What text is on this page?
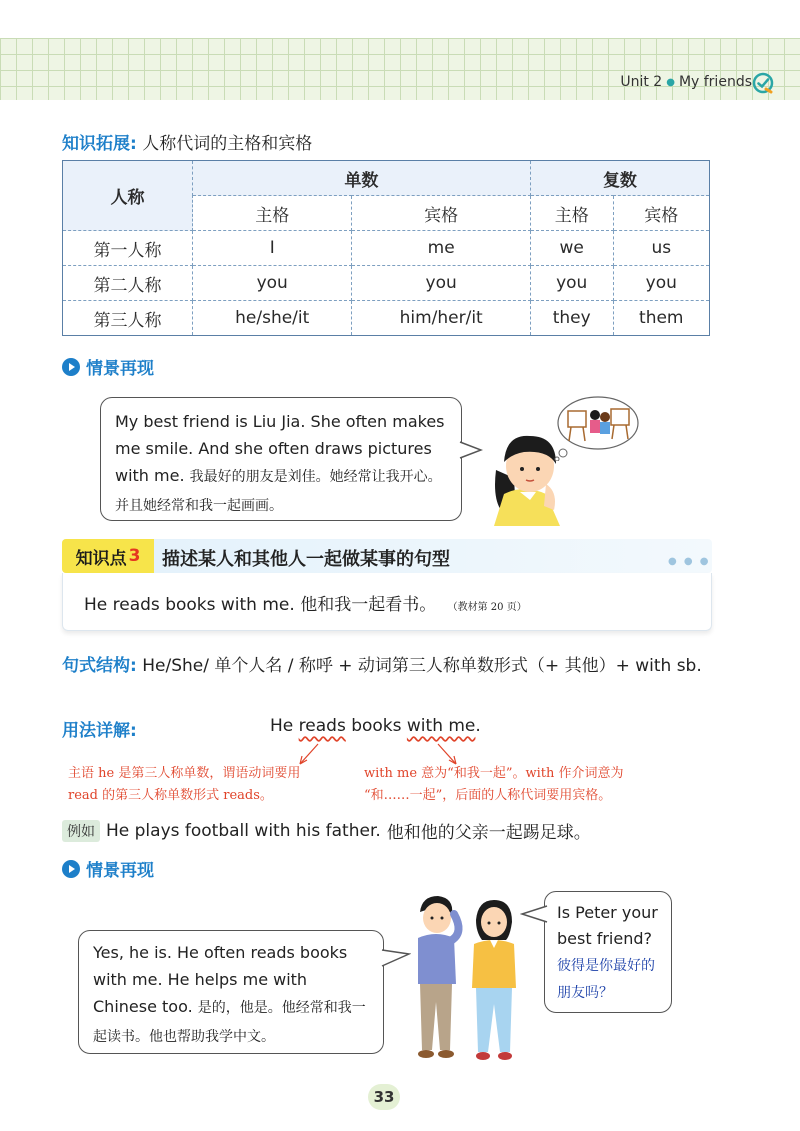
Unit 2 ● My friends
知识拓展: 人称代词的主格和宾格
人称	单数		复数	
	主格	宾格	主格	宾格
第一人称	I	me	we	us
第二人称	you	you	you	you
第三人称	he/she/it	him/her/it	they	them
情景再现
My best friend is Liu Jia. She often makes me smile. And she often draws pictures with me. 我最好的朋友是刘佳。她经常让我开心。并且她经常和我一起画画。
知识点 3 描述某人和其他人一起做某事的句型	● ● ●
He reads books with me. 他和我一起看书。 （教材第 20 页）
句式结构: He/She/ 单个人名 / 称呼 + 动词第三人称单数形式（+ 其他）+ with sb.
用法详解:	He reads books with me.
主语 he 是第三人称单数，谓语动词要用
read 的第三人称单数形式 reads。
with me 意为“和我一起”。with 作介词意为
“和……一起”，后面的人称代词要用宾格。
例如 He plays football with his father. 他和他的父亲一起踢足球。
情景再现
Yes, he is. He often reads books with me. He helps me with Chinese too. 是的，他是。他经常和我一起读书。他也帮助我学中文。
Is Peter your best friend? 彼得是你最好的朋友吗？
33
